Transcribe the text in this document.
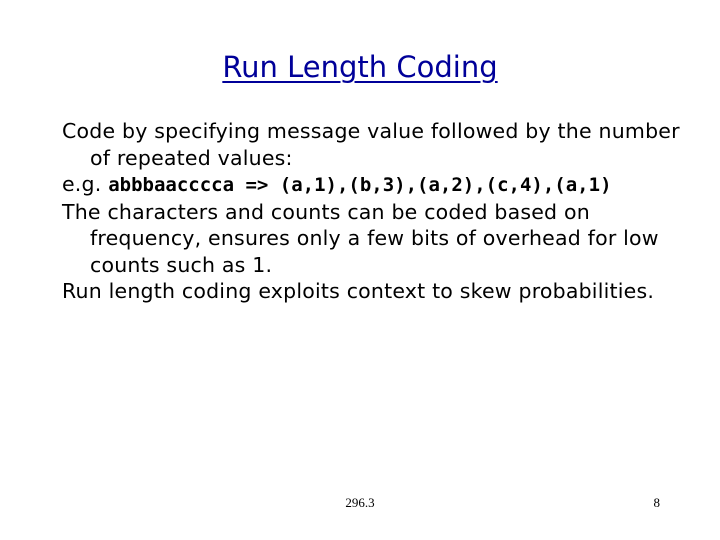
Run Length Coding

Code by specifying message value followed by the number of repeated values:

e.g. abbbaacccca => (a,1),(b,3),(a,2),(c,4),(a,1)

The characters and counts can be coded based on frequency, ensures only a few bits of overhead for low counts such as 1.

Run length coding exploits context to skew probabilities.

296.3	8
